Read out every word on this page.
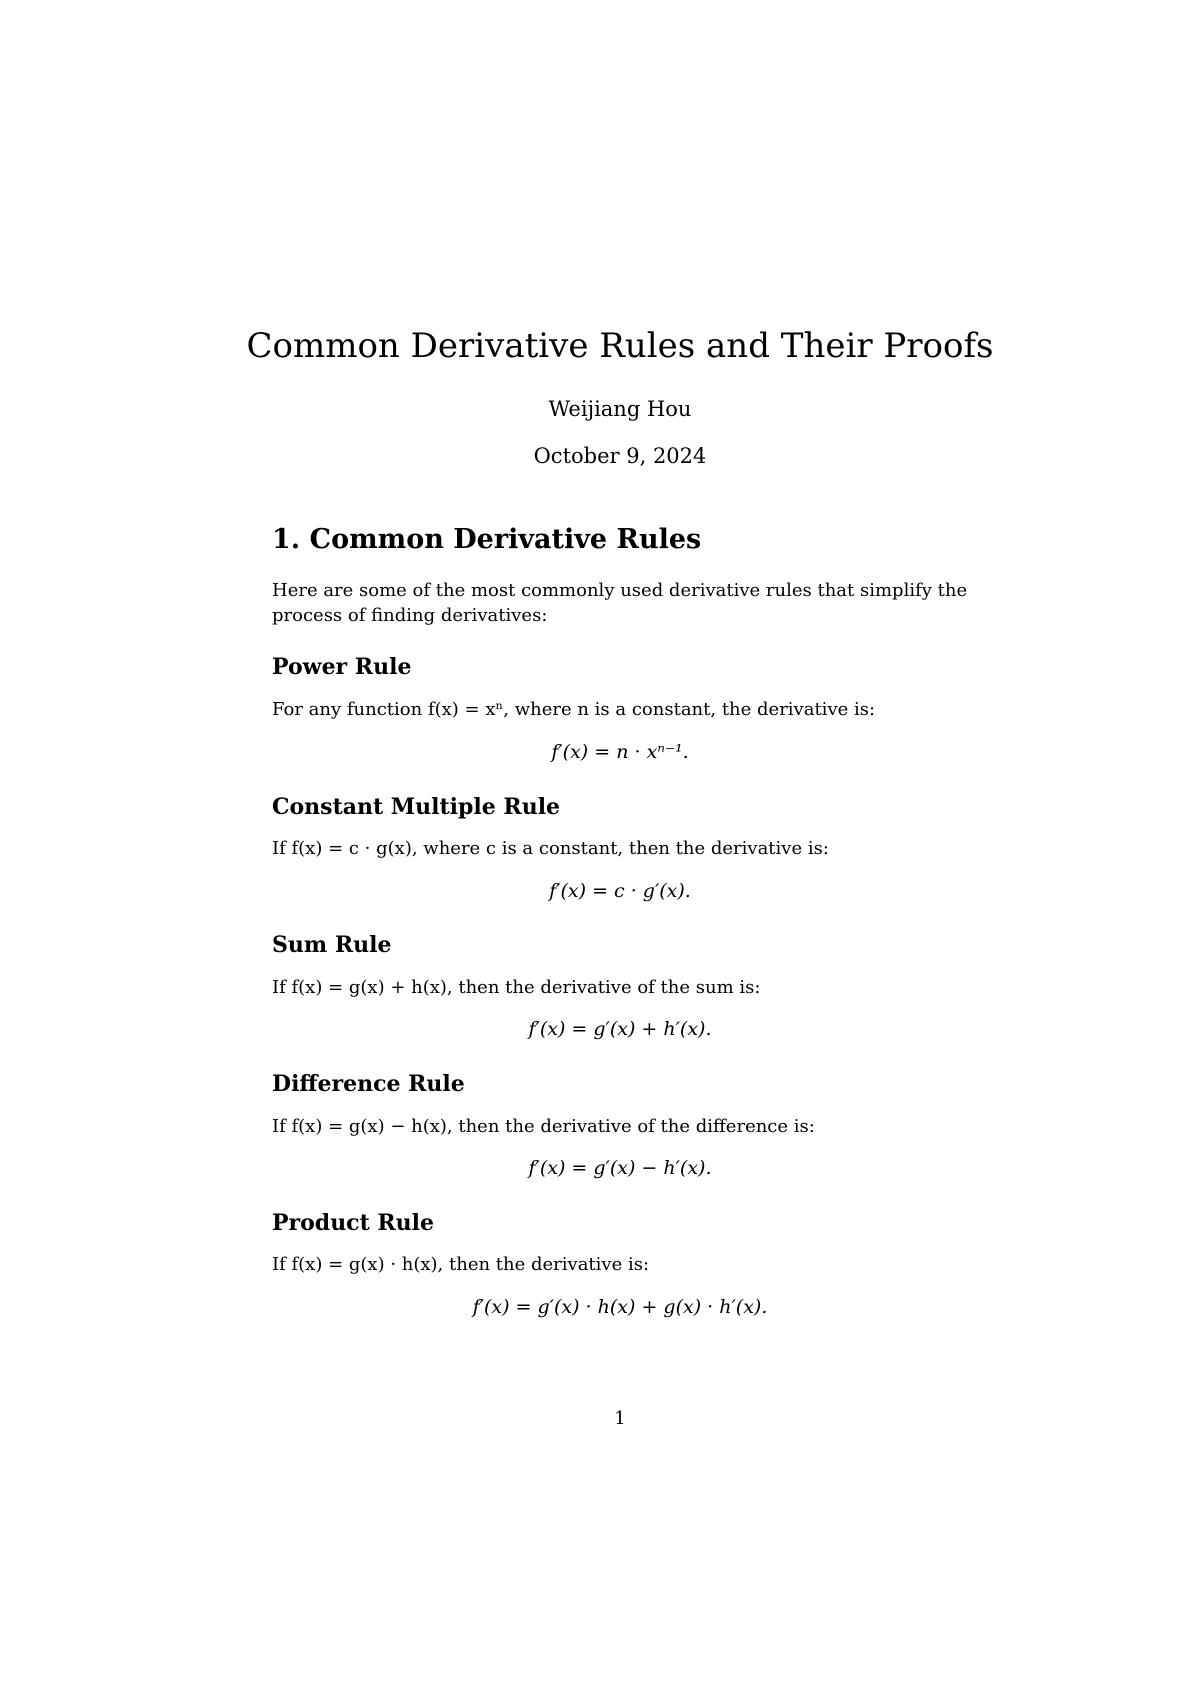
Common Derivative Rules and Their Proofs

Weijiang Hou

October 9, 2024

1. Common Derivative Rules

Here are some of the most commonly used derivative rules that simplify the

process of finding derivatives:

Power Rule

For any function f(x) = xⁿ, where n is a constant, the derivative is:

f′(x) = n · xⁿ⁻¹.

Constant Multiple Rule

If f(x) = c · g(x), where c is a constant, then the derivative is:

f′(x) = c · g′(x).

Sum Rule

If f(x) = g(x) + h(x), then the derivative of the sum is:

f′(x) = g′(x) + h′(x).

Difference Rule

If f(x) = g(x) − h(x), then the derivative of the difference is:

f′(x) = g′(x) − h′(x).

Product Rule

If f(x) = g(x) · h(x), then the derivative is:

f′(x) = g′(x) · h(x) + g(x) · h′(x).

1
